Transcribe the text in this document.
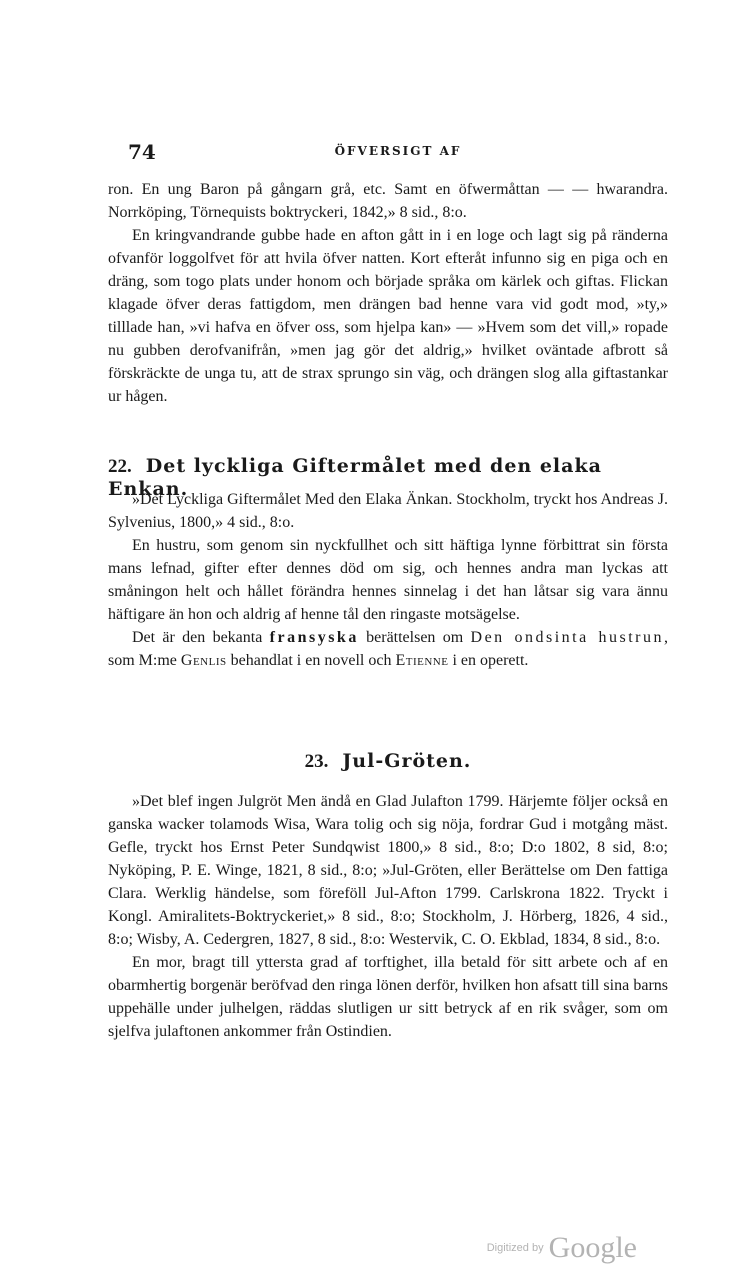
74	ÖFVERSIGT AF

ron. En ung Baron på gångarn grå, etc. Samt en öfwermåttan — — hwarandra. Norrköping, Törnequists boktryckeri, 1842,» 8 sid., 8:o.

En kringvandrande gubbe hade en afton gått in i en loge och lagt sig på ränderna ofvanför loggolfvet för att hvila öfver natten. Kort efteråt infunno sig en piga och en dräng, som togo plats under honom och började språka om kärlek och giftas. Flickan klagade öfver deras fattigdom, men drängen bad henne vara vid godt mod, »ty,» tilllade han, »vi hafva en öfver oss, som hjelpa kan» — »Hvem som det vill,» ropade nu gubben derofvanifrån, »men jag gör det aldrig,» hvilket oväntade afbrott så förskräckte de unga tu, att de strax sprungo sin väg, och drängen slog alla giftastankar ur hågen.

22. Det lyckliga Giftermålet med den elaka Enkan.

»Det Lyckliga Giftermålet Med den Elaka Änkan. Stockholm, tryckt hos Andreas J. Sylvenius, 1800,» 4 sid., 8:o.

En hustru, som genom sin nyckfullhet och sitt häftiga lynne förbittrat sin första mans lefnad, gifter efter dennes död om sig, och hennes andra man lyckas att småningon helt och hållet förändra hennes sinnelag i det han låtsar sig vara ännu häftigare än hon och aldrig af henne tål den ringaste motsägelse.

Det är den bekanta fransyska berättelsen om Den ondsinta hustrun, som M:me Genlis behandlat i en novell och Etienne i en operett.

23. Jul-Gröten.

»Det blef ingen Julgröt Men ändå en Glad Julafton 1799. Härjemte följer också en ganska wacker tolamods Wisa, Wara tolig och sig nöja, fordrar Gud i motgång mäst. Gefle, tryckt hos Ernst Peter Sundqwist 1800,» 8 sid., 8:o; D:o 1802, 8 sid, 8:o; Nyköping, P. E. Winge, 1821, 8 sid., 8:o; »Jul-Gröten, eller Berättelse om Den fattiga Clara. Werklig händelse, som föreföll Jul-Afton 1799. Carlskrona 1822. Tryckt i Kongl. Amiralitets-Boktryckeriet,» 8 sid., 8:o; Stockholm, J. Hörberg, 1826, 4 sid., 8:o; Wisby, A. Cedergren, 1827, 8 sid., 8:o: Westervik, C. O. Ekblad, 1834, 8 sid., 8:o.

En mor, bragt till yttersta grad af torftighet, illa betald för sitt arbete och af en obarmhertig borgenär beröfvad den ringa lönen derför, hvilken hon afsatt till sina barns uppehälle under julhelgen, räddas slutligen ur sitt betryck af en rik svåger, som om sjelfva julaftonen ankommer från Ostindien.

Digitized by Google
